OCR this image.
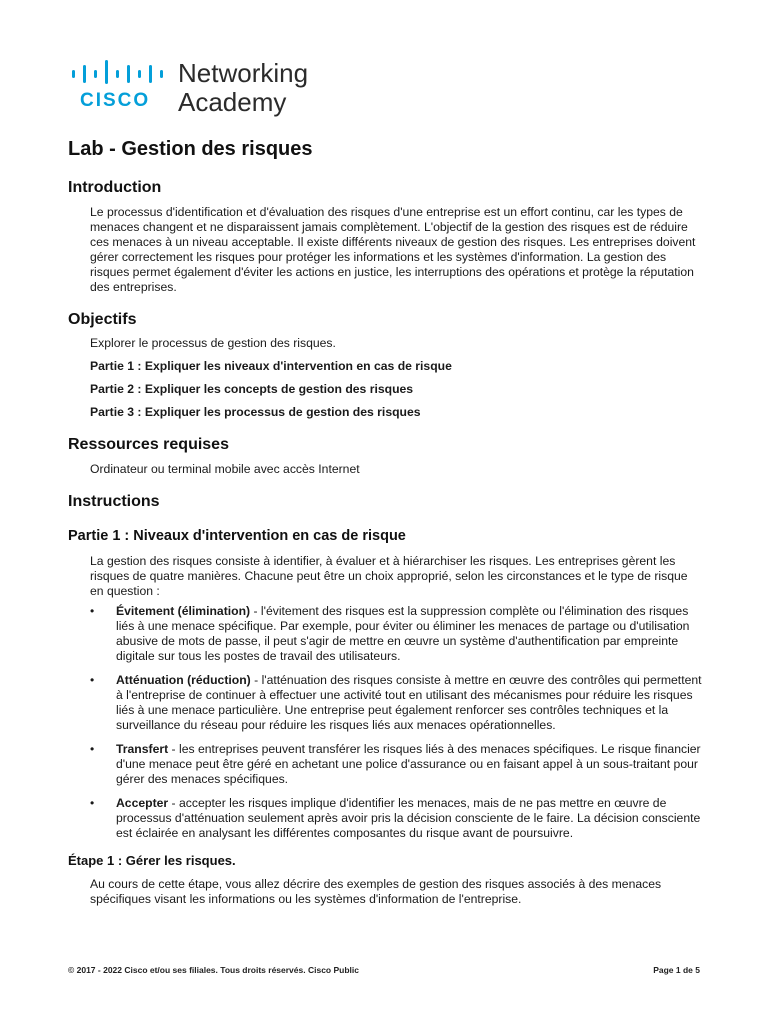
CISCO
Networking
Academy
Lab - Gestion des risques
Introduction
Le processus d'identification et d'évaluation des risques d'une entreprise est un effort continu, car les types de menaces changent et ne disparaissent jamais complètement. L'objectif de la gestion des risques est de réduire ces menaces à un niveau acceptable. Il existe différents niveaux de gestion des risques. Les entreprises doivent gérer correctement les risques pour protéger les informations et les systèmes d'information. La gestion des risques permet également d'éviter les actions en justice, les interruptions des opérations et protège la réputation des entreprises.
Objectifs
Explorer le processus de gestion des risques.
Partie 1 : Expliquer les niveaux d'intervention en cas de risque
Partie 2 : Expliquer les concepts de gestion des risques
Partie 3 : Expliquer les processus de gestion des risques
Ressources requises
Ordinateur ou terminal mobile avec accès Internet
Instructions
Partie 1 : Niveaux d'intervention en cas de risque
La gestion des risques consiste à identifier, à évaluer et à hiérarchiser les risques. Les entreprises gèrent les risques de quatre manières. Chacune peut être un choix approprié, selon les circonstances et le type de risque en question :
• Évitement (élimination) - l'évitement des risques est la suppression complète ou l'élimination des risques liés à une menace spécifique. Par exemple, pour éviter ou éliminer les menaces de partage ou d'utilisation abusive de mots de passe, il peut s'agir de mettre en œuvre un système d'authentification par empreinte digitale sur tous les postes de travail des utilisateurs.
• Atténuation (réduction) - l'atténuation des risques consiste à mettre en œuvre des contrôles qui permettent à l'entreprise de continuer à effectuer une activité tout en utilisant des mécanismes pour réduire les risques liés à une menace particulière. Une entreprise peut également renforcer ses contrôles techniques et la surveillance du réseau pour réduire les risques liés aux menaces opérationnelles.
• Transfert - les entreprises peuvent transférer les risques liés à des menaces spécifiques. Le risque financier d'une menace peut être géré en achetant une police d'assurance ou en faisant appel à un sous-traitant pour gérer des menaces spécifiques.
• Accepter - accepter les risques implique d'identifier les menaces, mais de ne pas mettre en œuvre de processus d'atténuation seulement après avoir pris la décision consciente de le faire. La décision consciente est éclairée en analysant les différentes composantes du risque avant de poursuivre.
Étape 1 : Gérer les risques.
Au cours de cette étape, vous allez décrire des exemples de gestion des risques associés à des menaces spécifiques visant les informations ou les systèmes d'information de l'entreprise.
© 2017 - 2022 Cisco et/ou ses filiales. Tous droits réservés. Cisco Public	Page 1 de 5
